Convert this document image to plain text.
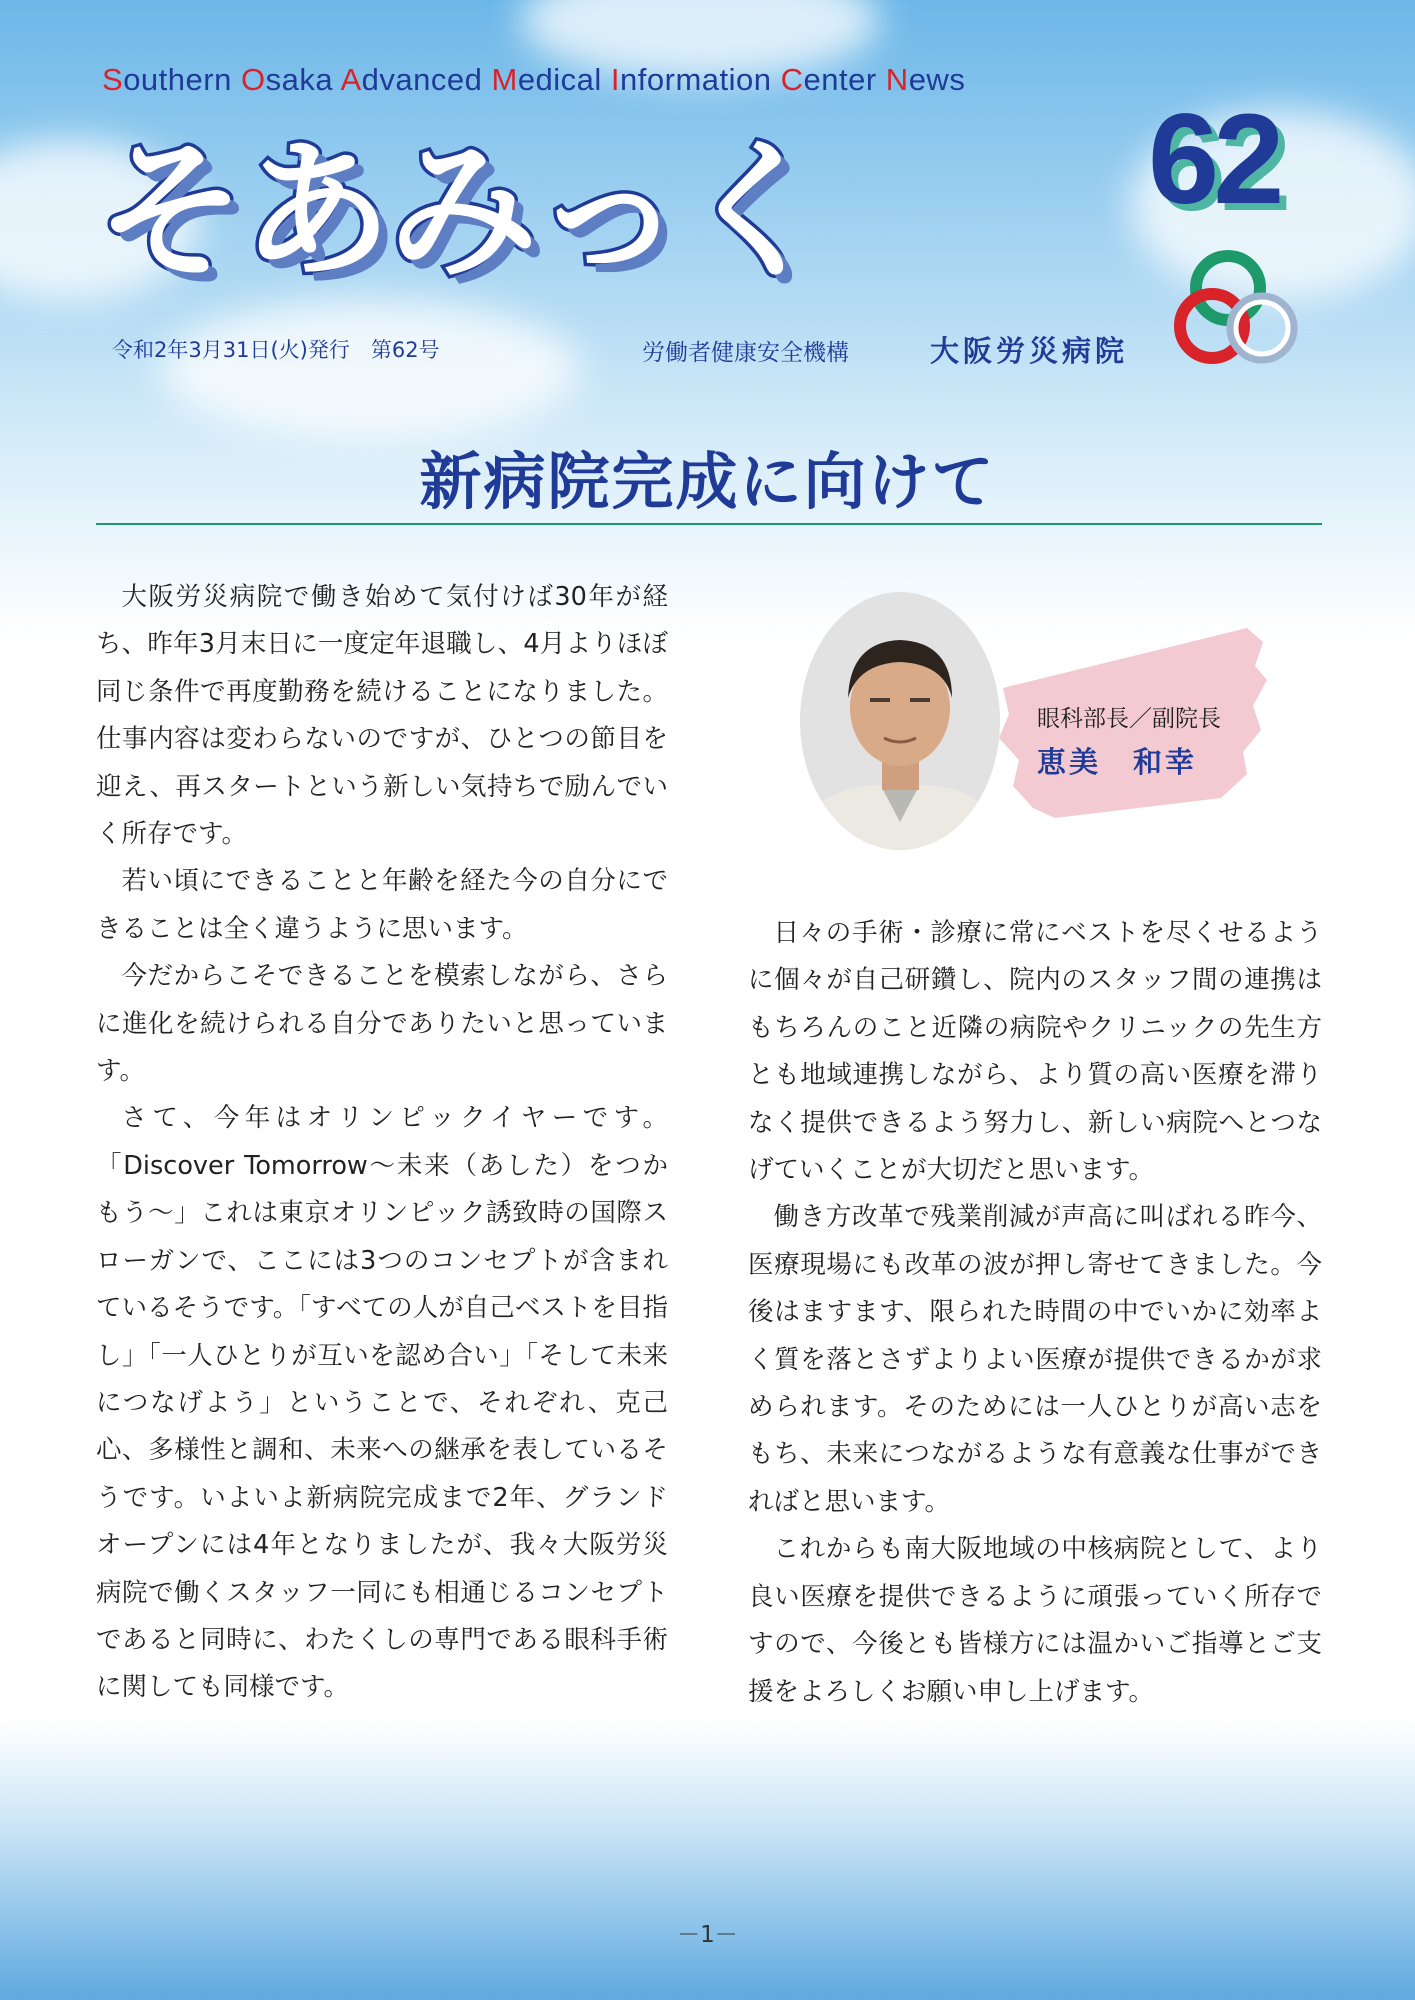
Southern Osaka Advanced Medical Information Center News
そあみっく	62
令和2年3月31日(火)発行　第62号	労働者健康安全機構	大阪労災病院
新病院完成に向けて

大阪労災病院で働き始めて気付けば30年が経ち、昨年3月末日に一度定年退職し、4月よりほぼ同じ条件で再度勤務を続けることになりました。仕事内容は変わらないのですが、ひとつの節目を迎え、再スタートという新しい気持ちで励んでいく所存です。

若い頃にできることと年齢を経た今の自分にできることは全く違うように思います。

今だからこそできることを模索しながら、さらに進化を続けられる自分でありたいと思っています。

さて、今年はオリンピックイヤーです。「Discover Tomorrow～未来（あした）をつかもう～」これは東京オリンピック誘致時の国際スローガンで、ここには3つのコンセプトが含まれているそうです。「すべての人が自己ベストを目指し」「一人ひとりが互いを認め合い」「そして未来につなげよう」ということで、それぞれ、克己心、多様性と調和、未来への継承を表しているそうです。いよいよ新病院完成まで2年、グランドオープンには4年となりましたが、我々大阪労災病院で働くスタッフ一同にも相通じるコンセプトであると同時に、わたくしの専門である眼科手術に関しても同様です。

眼科部長／副院長
恵美　和幸

日々の手術・診療に常にベストを尽くせるように個々が自己研鑽し、院内のスタッフ間の連携はもちろんのこと近隣の病院やクリニックの先生方とも地域連携しながら、より質の高い医療を滞りなく提供できるよう努力し、新しい病院へとつなげていくことが大切だと思います。

働き方改革で残業削減が声高に叫ばれる昨今、医療現場にも改革の波が押し寄せてきました。今後はますます、限られた時間の中でいかに効率よく質を落とさずよりよい医療が提供できるかが求められます。そのためには一人ひとりが高い志をもち、未来につながるような有意義な仕事ができればと思います。

これからも南大阪地域の中核病院として、より良い医療を提供できるように頑張っていく所存ですので、今後とも皆様方には温かいご指導とご支援をよろしくお願い申し上げます。

－1－
